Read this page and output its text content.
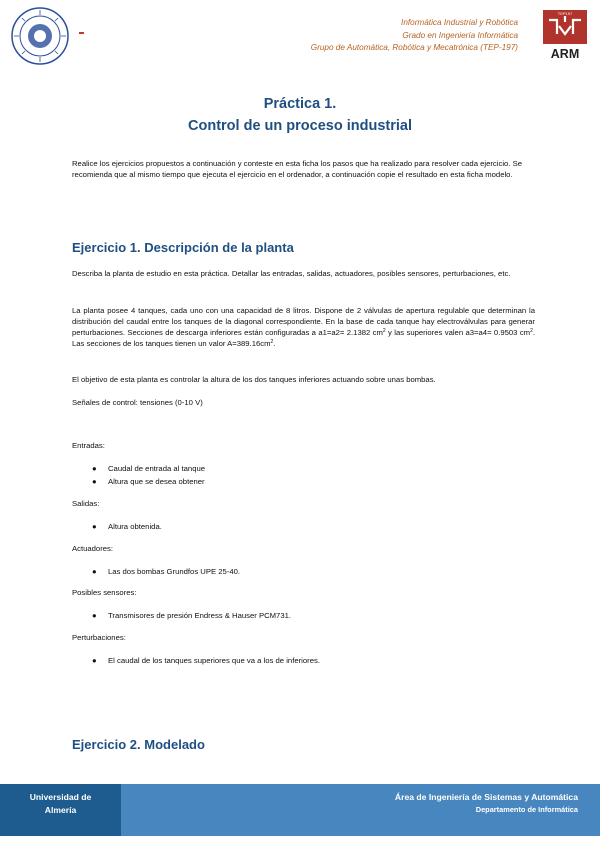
Informática Industrial y Robótica
Grado en Ingeniería Informática
Grupo de Automática, Robótica y Mecatrónica (TEP-197)
TEP197
ARM
Práctica 1.
Control de un proceso industrial

Realice los ejercicios propuestos a continuación y conteste en esta ficha los pasos que ha realizado para resolver cada ejercicio. Se recomienda que al mismo tiempo que ejecuta el ejercicio en el ordenador, a continuación copie el resultado en esta ficha modelo.

Ejercicio 1. Descripción de la planta

Describa la planta de estudio en esta práctica. Detallar las entradas, salidas, actuadores, posibles sensores, perturbaciones, etc.

La planta posee 4 tanques, cada uno con una capacidad de 8 litros. Dispone de 2 válvulas de apertura regulable que determinan la distribución del caudal entre los tanques de la diagonal correspondiente. En la base de cada tanque hay electroválvulas para generar perturbaciones. Secciones de descarga inferiores están configuradas a a1=a2= 2.1382 $cm^2$ y las superiores valen a3=a4= 0.9503 $cm^2$. Las secciones de los tanques tienen un valor $A=389.16cm^2$.

El objetivo de esta planta es controlar la altura de los dos tanques inferiores actuando sobre unas bombas.

Señales de control: tensiones (0-10 V)

Entradas:
● Caudal de entrada al tanque
● Altura que se desea obtener
Salidas:
● Altura obtenida.
Actuadores:
● Las dos bombas Grundfos UPE 25-40.
Posibles sensores:
● Transmisores de presión Endress & Hauser PCM731.
Perturbaciones:
● El caudal de los tanques superiores que va a los de inferiores.
Ejercicio 2. Modelado
Universidad de
Almería
Área de Ingeniería de Sistemas y Automática
Departamento de Informática
